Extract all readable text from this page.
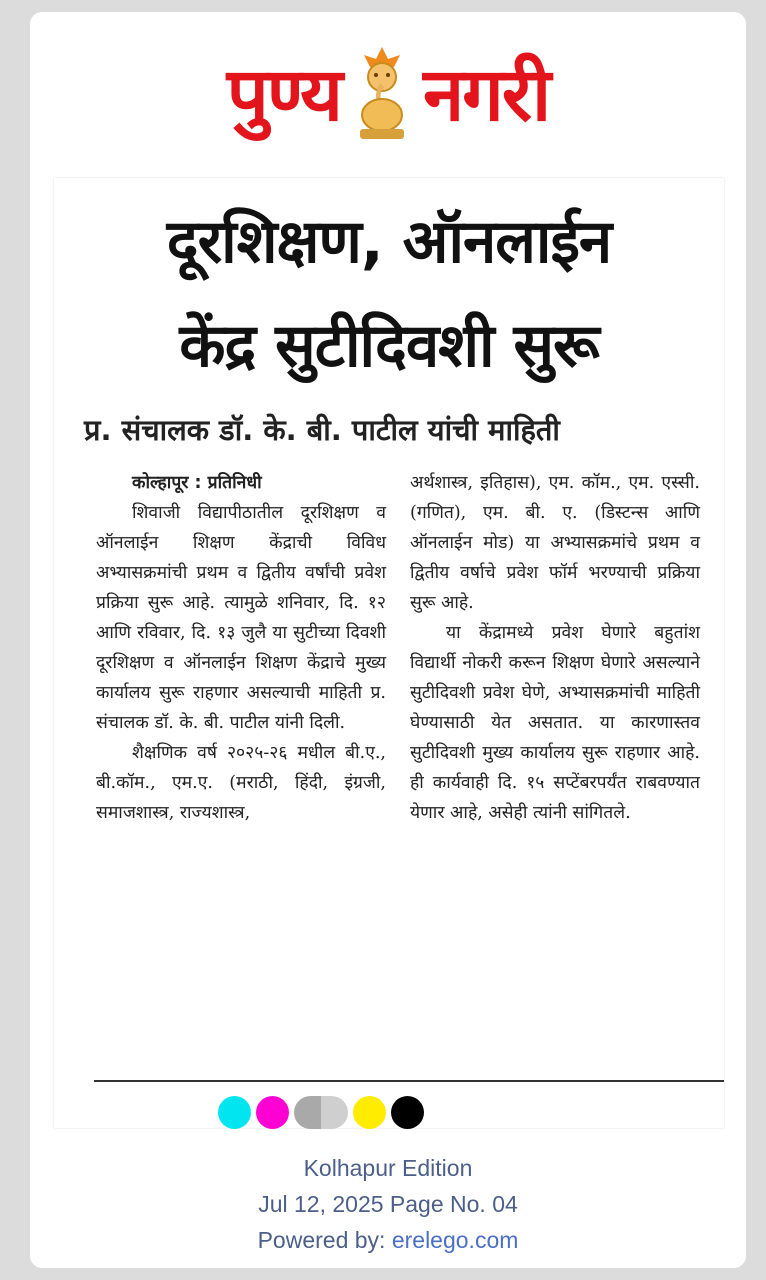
पुण्य नगरी
दूरशिक्षण, ऑनलाईन
केंद्र सुटीदिवशी सुरू
प्र. संचालक डॉ. के. बी. पाटील यांची माहिती

कोल्हापूर : प्रतिनिधी

शिवाजी विद्यापीठातील दूरशिक्षण व ऑनलाईन शिक्षण केंद्राची विविध अभ्यासक्रमांची प्रथम व द्वितीय वर्षांची प्रवेश प्रक्रिया सुरू आहे. त्यामुळे शनिवार, दि. १२ आणि रविवार, दि. १३ जुलै या सुटीच्या दिवशी दूरशिक्षण व ऑनलाईन शिक्षण केंद्राचे मुख्य कार्यालय सुरू राहणार असल्याची माहिती प्र. संचालक डॉ. के. बी. पाटील यांनी दिली.

शैक्षणिक वर्ष २०२५-२६ मधील बी.ए., बी.कॉम., एम.ए. (मराठी, हिंदी, इंग्रजी, समाजशास्त्र, राज्यशास्त्र,

अर्थशास्त्र, इतिहास), एम. कॉम., एम. एस्सी. (गणित), एम. बी. ए. (डिस्टन्स आणि ऑनलाईन मोड) या अभ्यासक्रमांचे प्रथम व द्वितीय वर्षाचे प्रवेश फॉर्म भरण्याची प्रक्रिया सुरू आहे.

या केंद्रामध्ये प्रवेश घेणारे बहुतांश विद्यार्थी नोकरी करून शिक्षण घेणारे असल्याने सुटीदिवशी प्रवेश घेणे, अभ्यासक्रमांची माहिती घेण्यासाठी येत असतात. या कारणास्तव सुटीदिवशी मुख्य कार्यालय सुरू राहणार आहे. ही कार्यवाही दि. १५ सप्टेंबरपर्यंत राबवण्यात येणार आहे, असेही त्यांनी सांगितले.

Kolhapur Edition
Jul 12, 2025 Page No. 04
Powered by: erelego.com
